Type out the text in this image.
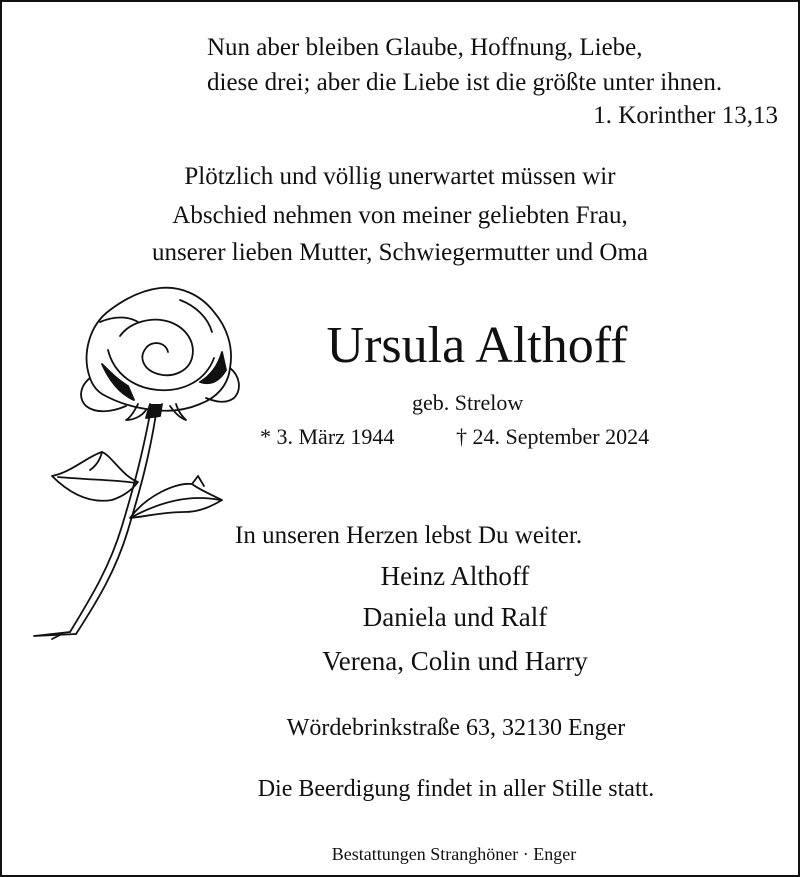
Nun aber bleiben Glaube, Hoffnung, Liebe,
diese drei; aber die Liebe ist die größte unter ihnen.
1. Korinther 13,13
Plötzlich und völlig unerwartet müssen wir
Abschied nehmen von meiner geliebten Frau,
unserer lieben Mutter, Schwiegermutter und Oma
Ursula Althoff
geb. Strelow
* 3. März 1944	† 24. September 2024
In unseren Herzen lebst Du weiter.
Heinz Althoff
Daniela und Ralf
Verena, Colin und Harry
Wördebrinkstraße 63, 32130 Enger
Die Beerdigung findet in aller Stille statt.
Bestattungen Stranghöner · Enger
